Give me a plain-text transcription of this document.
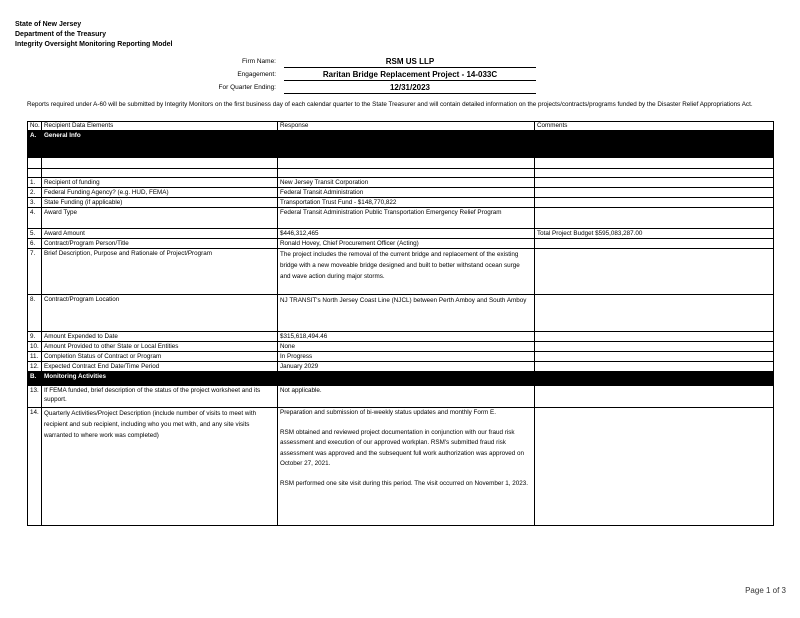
State of New Jersey
Department of the Treasury
Integrity Oversight Monitoring Reporting Model
Firm Name:	RSM US LLP
Engagement:	Raritan Bridge Replacement Project - 14-033C
For Quarter Ending:	12/31/2023
Reports required under A-60 will be submitted by Integrity Monitors on the first business day of each calendar quarter to the State Treasurer and will contain detailed information on the projects/contracts/programs funded by the Disaster Relief Appropriations Act.
No.	Recipient Data Elements	Response	Comments
A.	General Info		

1.	Recipient of funding	New Jersey Transit Corporation	
2.	Federal Funding Agency? (e.g. HUD, FEMA)	Federal Transit Administration	
3.	State Funding (if applicable)	Transportation Trust Fund - $148,770,822	
4.	Award Type	Federal Transit Administration Public Transportation Emergency Relief Program	
5.	Award Amount	$446,312,465	Total Project Budget $595,083,287.00
6.	Contract/Program Person/Title	Ronald Hovey, Chief Procurement Officer (Acting)	
7.	Brief Description, Purpose and Rationale of Project/Program	The project includes the removal of the current bridge and replacement of the existing bridge with a new moveable bridge designed and built to better withstand ocean surge and wave action during major storms.	
8.	Contract/Program Location	NJ TRANSIT's North Jersey Coast Line (NJCL) between Perth Amboy and South Amboy	
9.	Amount Expended to Date	$315,618,494.46	
10.	Amount Provided to other State or Local Entities	None	
11.	Completion Status of Contract or Program	In Progress	
12.	Expected Contract End Date/Time Period	January 2029	
B.	Monitoring Activities		
13.	If FEMA funded, brief description of the status of the project worksheet and its support.	Not applicable.	
14.	Quarterly Activities/Project Description (include number of visits to meet with recipient and sub recipient, including who you met with, and any site visits warranted to where work was completed)	Preparation and submission of bi-weekly status updates and monthly Form E.

RSM obtained and reviewed project documentation in conjunction with our fraud risk assessment and execution of our approved workplan. RSM's submitted fraud risk assessment was approved and the subsequent full work authorization was approved on October 27, 2021.

RSM performed one site visit during this period. The visit occurred on November 1, 2023.	

Page 1 of 3
